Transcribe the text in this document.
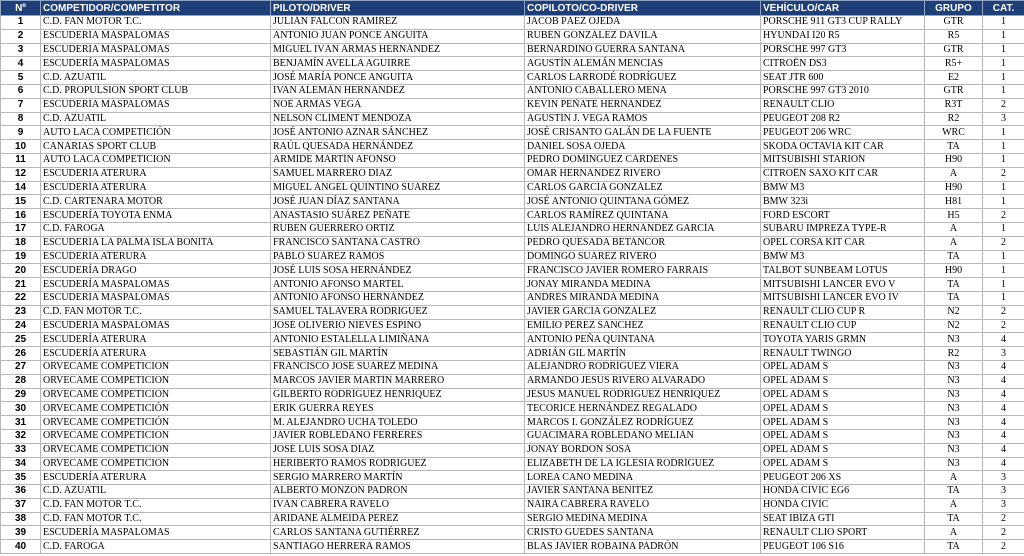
Nº	COMPETIDOR/COMPETITOR	PILOTO/DRIVER	COPILOTO/CO-DRIVER	VEHÍCULO/CAR	GRUPO	CAT.
1	C.D. FAN MOTOR T.C.	JULIÁN FALCÓN RAMÍREZ	JACOB PÁEZ OJEDA	PORSCHE 911 GT3 CUP RALLY	GTR	1
2	ESCUDERÍA MASPALOMAS	ANTONIO JUAN PONCE ANGUITA	RUBÉN GONZÁLEZ DÁVILA	HYUNDAI I20 R5	R5	1
3	ESCUDERÍA MASPALOMAS	MIGUEL IVÁN ARMAS HERNÁNDEZ	BERNARDINO GUERRA SANTANA	PORSCHE 997 GT3	GTR	1
4	ESCUDERÍA MASPALOMAS	BENJAMÍN AVELLA AGUIRRE	AGUSTÍN ALEMÁN MENCIAS	CITROËN DS3	R5+	1
5	C.D. AZUATIL	JOSÉ MARÍA PONCE ANGUITA	CARLOS LARRODÉ RODRÍGUEZ	SEAT JTR 600	E2	1
6	C.D. PROPULSIÓN SPORT CLUB	IVAN ALEMÁN HERNÁNDEZ	ANTONIO CABALLERO MENA	PORSCHE 997 GT3 2010	GTR	1
7	ESCUDERÍA MASPALOMAS	NOÉ ARMAS VEGA	KEVIN PEÑATE HERNÁNDEZ	RENAULT CLIO	R3T	2
8	C.D. AZUATIL	NELSON CLIMENT MENDOZA	AGUSTÍN J. VEGA RAMOS	PEUGEOT 208 R2	R2	3
9	AUTO LACA COMPETICIÓN	JOSÉ ANTONIO AZNAR SÁNCHEZ	JOSÉ CRISANTO GALÁN DE LA FUENTE	PEUGEOT 206 WRC	WRC	1
10	CANARIAS SPORT CLUB	RAÚL QUESADA HERNÁNDEZ	DANIEL SOSA OJEDA	SKODA OCTAVIA KIT CAR	TA	1
11	AUTO LACA COMPETICIÓN	ARMIDE MARTÍN AFONSO	PEDRO DOMÍNGUEZ CÁRDENES	MITSUBISHI STARION	H90	1
12	ESCUDERÍA ATERURA	SAMUEL MARRERO DÍAZ	OMAR HERNÁNDEZ RIVERO	CITROËN SAXO KIT CAR	A	2
14	ESCUDERÍA ATERURA	MIGUEL ÁNGEL QUINTINO SUÁREZ	CARLOS GARCÍA GONZÁLEZ	BMW M3	H90	1
15	C.D. CARTENARA MOTOR	JOSÉ JUAN DÍAZ SANTANA	JOSÉ ANTONIO QUINTANA GÓMEZ	BMW 323i	H81	1
16	ESCUDERÍA TOYOTA ENMA	ANASTASIO SUÁREZ PEÑATE	CARLOS RAMÍREZ QUINTANA	FORD ESCORT	H5	2
17	C.D. FAROGA	RUBÉN GUERRERO ORTIZ	LUIS ALEJANDRO HERNÁNDEZ GARCÍA	SUBARU IMPREZA TYPE-R	A	1
18	ESCUDERÍA LA PALMA ISLA BONITA	FRANCISCO SANTANA CASTRO	PEDRO QUESADA BETANCOR	OPEL CORSA KIT CAR	A	2
19	ESCUDERÍA ATERURA	PABLO SUÁREZ RAMOS	DOMINGO SUÁREZ RIVERO	BMW M3	TA	1
20	ESCUDERÍA DRAGO	JOSÉ LUIS SOSA HERNÁNDEZ	FRANCISCO JAVIER ROMERO FARRAIS	TALBOT SUNBEAM LOTUS	H90	1
21	ESCUDERÍA MASPALOMAS	ANTONIO AFONSO MARTEL	JONAY MIRANDA MEDINA	MITSUBISHI LANCER EVO V	TA	1
22	ESCUDERÍA MASPALOMAS	ANTONIO AFONSO HERNÁNDEZ	ANDRÉS MIRANDA MEDINA	MITSUBISHI LANCER EVO IV	TA	1
23	C.D. FAN MOTOR T.C.	SAMUEL TALAVERA RODRÍGUEZ	JAVIER GARCÍA GONZÁLEZ	RENAULT CLIO CUP R	N2	2
24	ESCUDERÍA MASPALOMAS	JOSÉ OLIVERIO NIEVES ESPINO	EMILIO PÉREZ SÁNCHEZ	RENAULT CLIO CUP	N2	2
25	ESCUDERÍA ATERURA	ANTONIO ESTALELLA LIMIÑANA	ANTONIO PEÑA QUINTANA	TOYOTA YARIS GRMN	N3	4
26	ESCUDERÍA ATERURA	SEBASTIÁN GIL MARTÍN	ADRIÁN GIL MARTÍN	RENAULT TWINGO	R2	3
27	ORVECAME COMPETICIÓN	FRANCISCO JOSÉ SUÁREZ MEDINA	ALEJANDRO RODRÍGUEZ VIERA	OPEL ADAM S	N3	4
28	ORVECAME COMPETICIÓN	MARCOS JAVIER MARTÍN MARRERO	ARMANDO JESÚS RIVERO ALVARADO	OPEL ADAM S	N3	4
29	ORVECAME COMPETICIÓN	GILBERTO RODRÍGUEZ HENRÍQUEZ	JESÚS MANUEL RODRÍGUEZ HENRÍQUEZ	OPEL ADAM S	N3	4
30	ORVECAME COMPETICIÓN	ERIK GUERRA REYES	TECORICE HERNÁNDEZ REGALADO	OPEL ADAM S	N3	4
31	ORVECAME COMPETICIÓN	M. ALEJANDRO UCHA TOLEDO	MARCOS I. GONZÁLEZ RODRÍGUEZ	OPEL ADAM S	N3	4
32	ORVECAME COMPETICIÓN	JAVIER ROBLEDANO FERRERES	GUACIMARA ROBLEDANO MELIÁN	OPEL ADAM S	N3	4
33	ORVECAME COMPETICIÓN	JOSÉ LUIS SOSA DÍAZ	JONAY BORDÓN SOSA	OPEL ADAM S	N3	4
34	ORVECAME COMPETICIÓN	HERIBERTO RAMOS RODRÍGUEZ	ELIZABETH DE LA IGLESIA RODRÍGUEZ	OPEL ADAM S	N3	4
35	ESCUDERÍA ATERURA	SERGIO MARRERO MARTÍN	LOREA CANO MEDINA	PEUGEOT 206 XS	A	3
36	C.D. AZUATIL	ALBERTO MONZÓN PADRÓN	JAVIER SANTANA BENÍTEZ	HONDA CIVIC EG6	TA	3
37	C.D. FAN MOTOR T.C.	IVÁN CABRERA RAVELO	NAIRA CABRERA RAVELO	HONDA CIVIC	A	3
38	C.D. FAN MOTOR T.C.	ARIDANE ALMEIDA PÉREZ	SERGIO MEDINA MEDINA	SEAT IBIZA GTI	TA	2
39	ESCUDERÍA MASPALOMAS	CARLOS SANTANA GUTIÉRREZ	CRISTO GUEDES SANTANA	RENAULT CLIO SPORT	A	2
40	C.D. FAROGA	SANTIAGO HERRERA RAMOS	BLAS JAVIER ROBAINA PADRÓN	PEUGEOT 106 S16	TA	2
